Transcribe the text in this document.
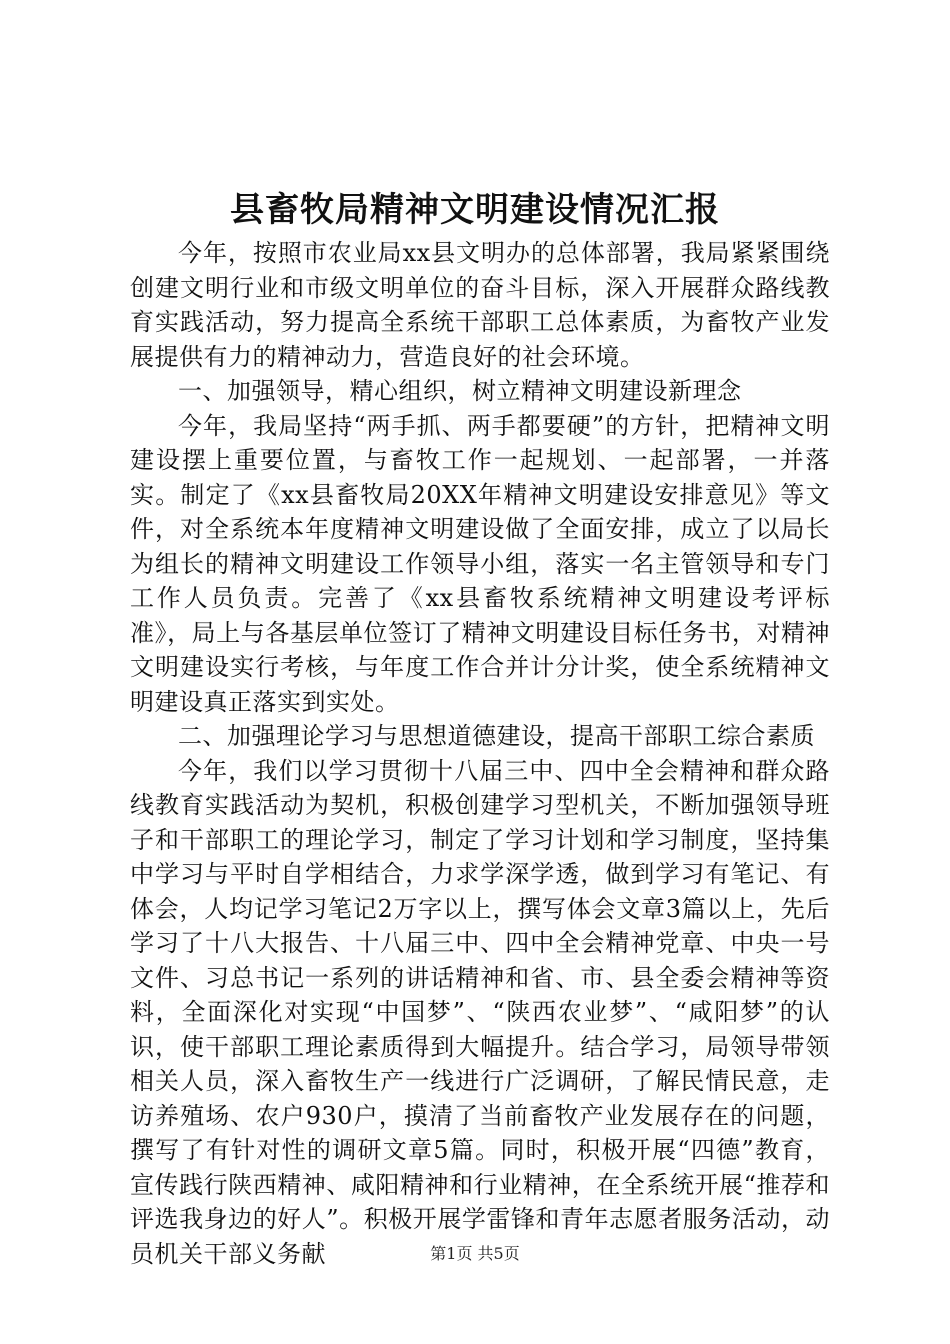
县畜牧局精神文明建设情况汇报

今年，按照市农业局xx县文明办的总体部署，我局紧紧围绕创建文明行业和市级文明单位的奋斗目标，深入开展群众路线教育实践活动，努力提高全系统干部职工总体素质，为畜牧产业发展提供有力的精神动力，营造良好的社会环境。

一、加强领导，精心组织，树立精神文明建设新理念

今年，我局坚持“两手抓、两手都要硬”的方针，把精神文明建设摆上重要位置，与畜牧工作一起规划、一起部署，一并落实。制定了《xx县畜牧局20XX年精神文明建设安排意见》等文件，对全系统本年度精神文明建设做了全面安排，成立了以局长为组长的精神文明建设工作领导小组，落实一名主管领导和专门工作人员负责。完善了《xx县畜牧系统精神文明建设考评标准》，局上与各基层单位签订了精神文明建设目标任务书，对精神文明建设实行考核，与年度工作合并计分计奖，使全系统精神文明建设真正落实到实处。

二、加强理论学习与思想道德建设，提高干部职工综合素质

今年，我们以学习贯彻十八届三中、四中全会精神和群众路线教育实践活动为契机，积极创建学习型机关，不断加强领导班子和干部职工的理论学习，制定了学习计划和学习制度，坚持集中学习与平时自学相结合，力求学深学透，做到学习有笔记、有体会，人均记学习笔记2万字以上，撰写体会文章3篇以上，先后学习了十八大报告、十八届三中、四中全会精神党章、中央一号文件、习总书记一系列的讲话精神和省、市、县全委会精神等资料，全面深化对实现“中国梦”、“陕西农业梦”、“咸阳梦”的认识，使干部职工理论素质得到大幅提升。结合学习，局领导带领相关人员，深入畜牧生产一线进行广泛调研，了解民情民意，走访养殖场、农户930户，摸清了当前畜牧产业发展存在的问题，撰写了有针对性的调研文章5篇。同时，积极开展“四德”教育，宣传践行陕西精神、咸阳精神和行业精神，在全系统开展“推荐和评选我身边的好人”。积极开展学雷锋和青年志愿者服务活动，动员机关干部义务献	第1页 共5页
